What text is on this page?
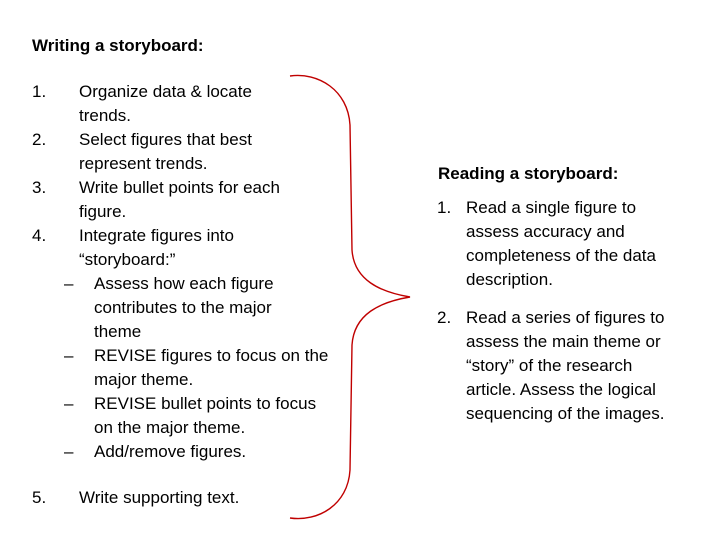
Writing a storyboard:
1. Organize data & locate trends.
2. Select figures that best represent trends.
3. Write bullet points for each figure.
4. Integrate figures into “storyboard:”
– Assess how each figure contributes to the major theme
– REVISE figures to focus on the major theme.
– REVISE bullet points to focus on the major theme.
– Add/remove figures.
5. Write supporting text.
Reading a storyboard:
1. Read a single figure to assess accuracy and completeness of the data description.
2. Read a series of figures to assess the main theme or “story” of the research article. Assess the logical sequencing of the images.
